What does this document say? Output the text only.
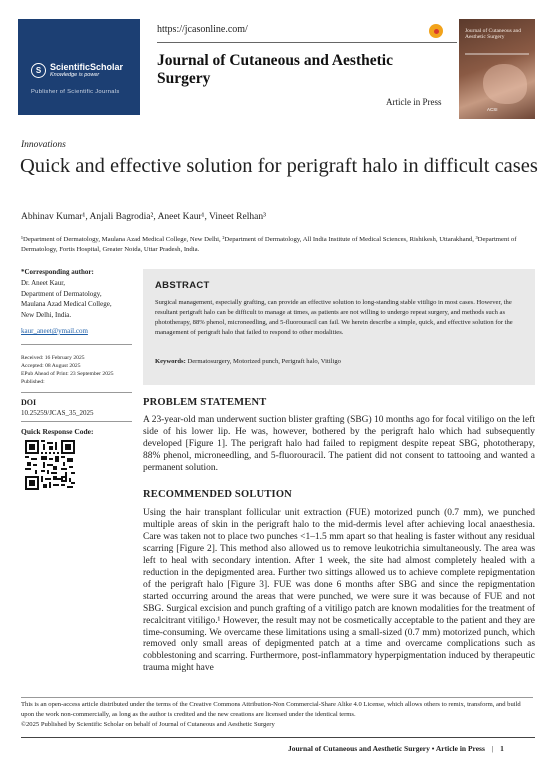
S ScientificScholar
Knowledge is power
Publisher of Scientific Journals
https://jcasonline.com/
Journal of Cutaneous and Aesthetic Surgery
Article in Press
Journal of Cutaneous and Aesthetic Surgery
ACSI
Innovations
Quick and effective solution for perigraft halo in difficult cases
Abhinav Kumar¹, Anjali Bagrodia², Aneet Kaur¹, Vineet Relhan³
¹Department of Dermatology, Maulana Azad Medical College, New Delhi, ²Department of Dermatology, All India Institute of Medical Sciences, Rishikesh, Uttarakhand, ³Department of Dermatology, Fortis Hospital, Greater Noida, Uttar Pradesh, India.
*Corresponding author:
Dr. Aneet Kaur,
Department of Dermatology,
Maulana Azad Medical College,
New Delhi, India.
kaur_aneet@ymail.com
Received: 16 February 2025
Accepted: 08 August 2025
EPub Ahead of Print: 23 September 2025
Published:
DOI
10.25259/JCAS_35_2025
Quick Response Code:
ABSTRACT
Surgical management, especially grafting, can provide an effective solution to long-standing stable vitiligo in most cases. However, the resultant perigraft halo can be difficult to manage at times, as patients are not willing to undergo repeat surgery, and methods such as phototherapy, 88% phenol, microneedling, and 5-fluorouracil can fail. We herein describe a simple, quick, and effective solution for the management of perigraft halo that failed to respond to other modalities.
Keywords: Dermatosurgery, Motorized punch, Perigraft halo, Vitiligo
PROBLEM STATEMENT
A 23-year-old man underwent suction blister grafting (SBG) 10 months ago for focal vitiligo on the left side of his lower lip. He was, however, bothered by the perigraft halo which had subsequently developed [Figure 1]. The perigraft halo had failed to repigment despite repeat SBG, phototherapy, 88% phenol, microneedling, and 5-fluorouracil. The patient did not consent to tattooing and wanted a permanent solution.
RECOMMENDED SOLUTION
Using the hair transplant follicular unit extraction (FUE) motorized punch (0.7 mm), we punched multiple areas of skin in the perigraft halo to the mid-dermis level after achieving local anaesthesia. Care was taken not to place two punches <1–1.5 mm apart so that healing is faster without any residual scarring [Figure 2]. This method also allowed us to remove leukotrichia simultaneously. The area was left to heal with secondary intention. After 1 week, the site had almost completely healed with a reduction in the depigmented area. Further two sittings allowed us to achieve complete repigmentation of the perigraft halo [Figure 3]. FUE was done 6 months after SBG and since the repigmentation started occurring around the areas that were punched, we were sure it was because of FUE and not SBG. Surgical excision and punch grafting of a vitiligo patch are known modalities for the treatment of recalcitrant vitiligo.¹ However, the result may not be cosmetically acceptable to the patient and they are time-consuming. We overcame these limitations using a small-sized (0.7 mm) motorized punch, which removed only small areas of depigmented patch at a time and overcame complications such as cobblestoning and scarring. Furthermore, post-inflammatory hyperpigmentation induced by therapeutic trauma might have
This is an open-access article distributed under the terms of the Creative Commons Attribution-Non Commercial-Share Alike 4.0 License, which allows others to remix, transform, and build upon the work non-commercially, as long as the author is credited and the new creations are licensed under the identical terms.
©2025 Published by Scientific Scholar on behalf of Journal of Cutaneous and Aesthetic Surgery
Journal of Cutaneous and Aesthetic Surgery • Article in Press | 1
